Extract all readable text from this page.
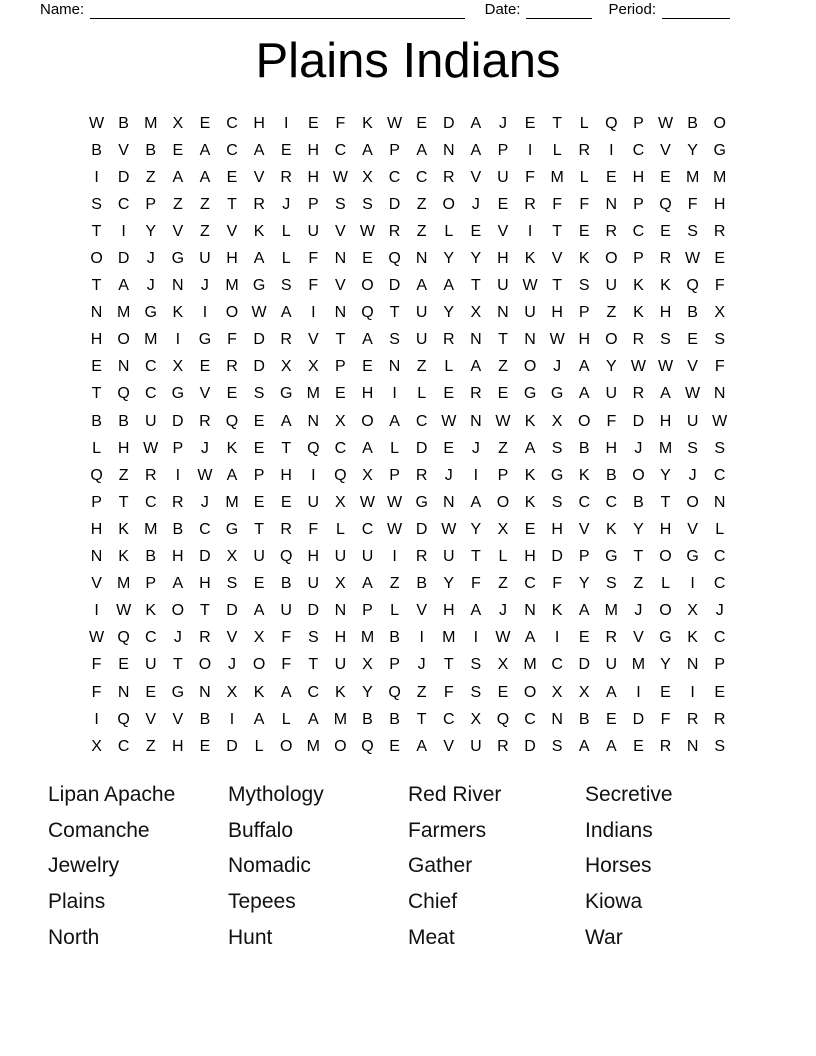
Name:	Date:	Period:
Plains Indians
W B M X	E C H	I	E	F	K W E D A	J	E	T	L	Q P W B O
B	V	B	E	A C A	E H C A	P	A N A	P	I	L	R	I	C V	Y G
I	D	Z	A	A	E	V R H W X C C R V U	F M L	E H E M M
S C P	Z	Z	T	R	J	P	S	S D	Z O	J	E R	F	F	N P Q F	H
T	I	Y	V	Z	V	K	L	U V W R	Z	L	E	V	I	T	E R C E	S R
O D	J	G U H A	L	F	N E Q N Y	Y H K	V	K O P R W E
T	A	J	N	J	M G S	F	V O D A	A	T	U W T	S U K	K Q F
N M G K	I	O W A	I	N Q T	U Y	X N U H P	Z	K H B	X
H O M	I	G F	D R V	T	A	S U R N	T	N W H O R S	E	S
E N C X	E R D X	X	P	E N	Z	L	A	Z O	J	A	Y W W V	F
T Q C G V	E	S G M E H	I	L	E R E G G A U R A W N
B	B U D R Q E	A N X O A C W N W K	X O F	D H U W
L	H W P	J	K	E	T Q C A	L	D E	J	Z	A	S	B H	J	M S	S
Q Z	R	I	W A	P H	I	Q X	P R	J	I	P	K G K	B O Y	J	C
P	T	C R	J	M E	E U X W W G N A O K	S C C B	T O N
H K M B C G T	R	F	L	C W D W Y	X	E H V	K	Y H V	L
N K	B H D X U Q H U U	I	R U	T	L	H D P G T O G C
V M P	A H S	E	B U X	A	Z	B	Y	F	Z	C	F	Y	S	Z	L	I	C
I	W K O T	D A U D N P	L	V H A	J	N K	A M	J	O X	J
W Q C	J	R V	X	F	S H M B	I	M	I	W A	I	E R V G K C
F	E U	T O	J	O F	T	U X	P	J	T	S	X M C D U M Y N P
F	N E G N X	K	A C K	Y Q Z	F	S	E O X	X	A	I	E	I	E
I	Q V	V	B	I	A	L	A M B	B	T	C X Q C N B	E D	F	R R
X C	Z	H E D	L	O M O Q E	A	V U R D S	A	A	E R N S
Lipan Apache
Comanche
Jewelry
Plains
North
Mythology
Buffalo
Nomadic
Tepees
Hunt
Red River
Farmers
Gather
Chief
Meat
Secretive
Indians
Horses
Kiowa
War
